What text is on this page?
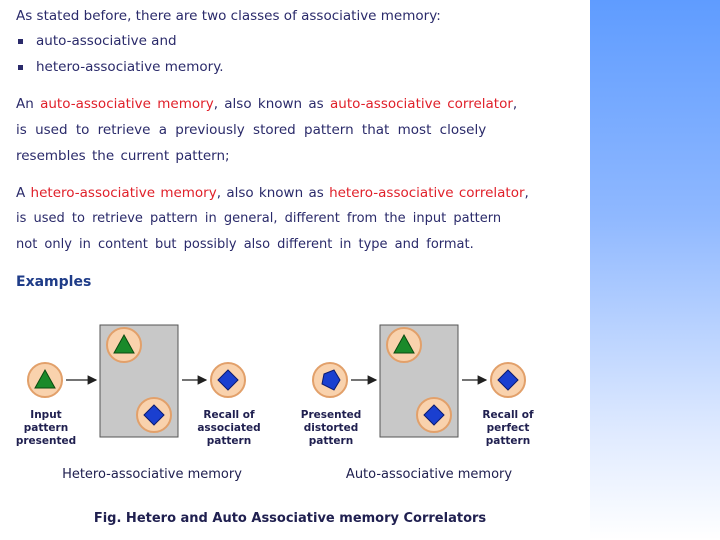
As stated before, there are two classes of associative memory:
auto-associative and
hetero-associative memory.
An auto-associative memory, also known as auto-associative correlator,
is used to retrieve a previously stored pattern that most closely
resembles the current pattern;
A hetero-associative memory, also known as hetero-associative correlator,
is used to retrieve pattern in general, different from the input pattern
not only in content but possibly also different in type and format.
Examples
Input
pattern
presented
Recall of
associated
pattern
Hetero-associative memory
Presented
distorted
pattern
Recall of
perfect
pattern
Auto-associative memory
Fig. Hetero and Auto Associative memory Correlators
